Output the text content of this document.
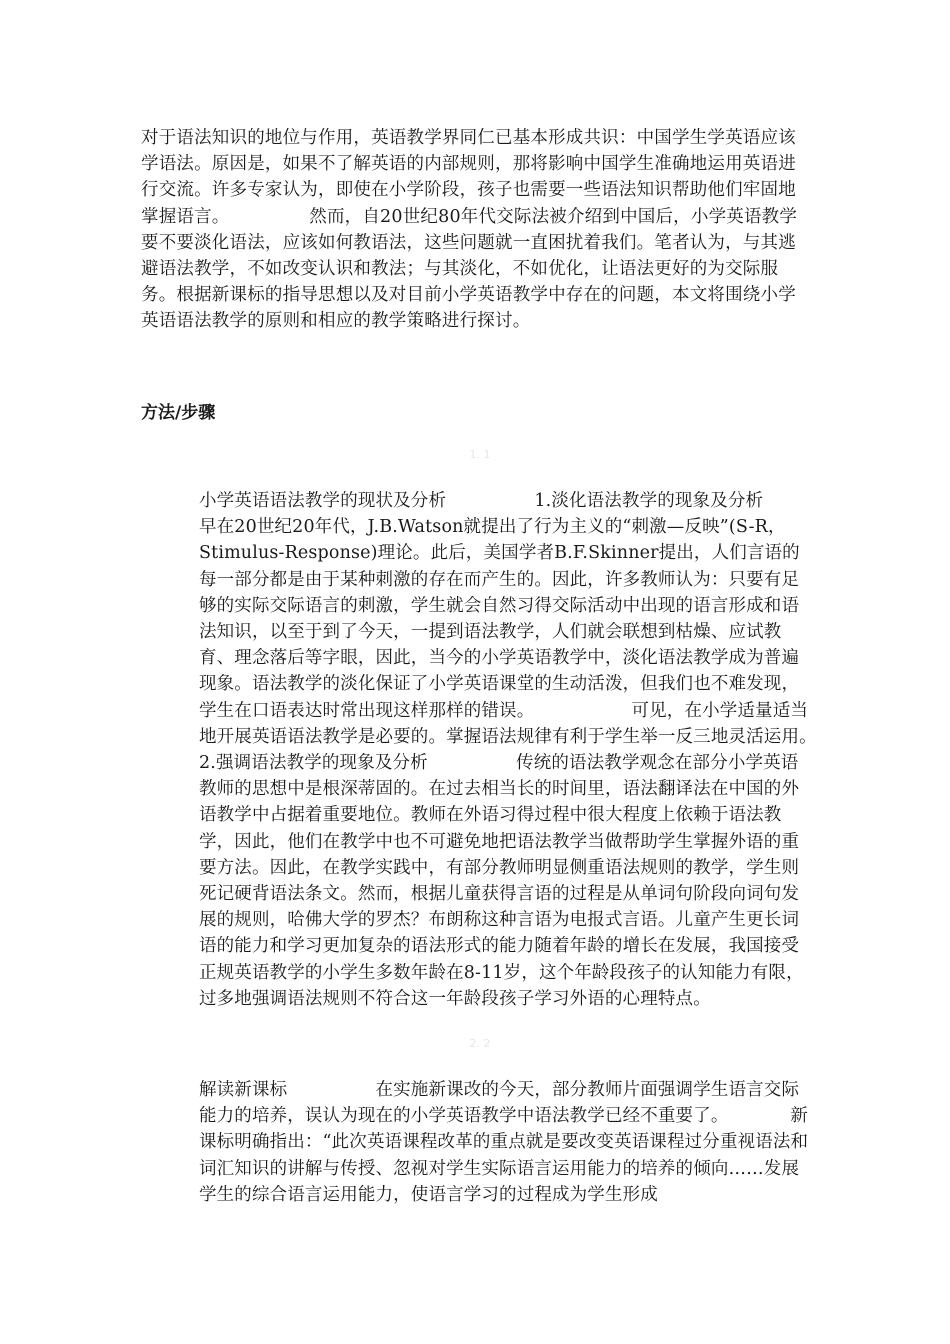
对于语法知识的地位与作用，英语教学界同仁已基本形成共识：中国学生学英语应该学语法。原因是，如果不了解英语的内部规则，那将影响中国学生准确地运用英语进行交流。许多专家认为，即使在小学阶段，孩子也需要一些语法知识帮助他们牢固地掌握语言。　　　　　然而，自20世纪80年代交际法被介绍到中国后，小学英语教学要不要淡化语法，应该如何教语法，这些问题就一直困扰着我们。笔者认为，与其逃避语法教学，不如改变认识和教法；与其淡化，不如优化，让语法更好的为交际服务。根据新课标的指导思想以及对目前小学英语教学中存在的问题，本文将围绕小学英语语法教学的原则和相应的教学策略进行探讨。

方法/步骤
1. 1

小学英语语法教学的现状及分析　　　　　1.淡化语法教学的现象及分析　　　　早在20世纪20年代，J.B.Watson就提出了行为主义的“刺激—反映”(S-R，Stimulus-Response)理论。此后，美国学者B.F.Skinner提出，人们言语的每一部分都是由于某种刺激的存在而产生的。因此，许多教师认为：只要有足够的实际交际语言的刺激，学生就会自然习得交际活动中出现的语言形成和语法知识，以至于到了今天，一提到语法教学，人们就会联想到枯燥、应试教育、理念落后等字眼，因此，当今的小学英语教学中，淡化语法教学成为普遍现象。语法教学的淡化保证了小学英语课堂的生动活泼，但我们也不难发现，学生在口语表达时常出现这样那样的错误。　　　　　　可见，在小学适量适当地开展英语语法教学是必要的。掌握语法规律有利于学生举一反三地灵活运用。　　　　　　2.强调语法教学的现象及分析　　　　　传统的语法教学观念在部分小学英语教师的思想中是根深蒂固的。在过去相当长的时间里，语法翻译法在中国的外语教学中占据着重要地位。教师在外语习得过程中很大程度上依赖于语法教学，因此，他们在教学中也不可避免地把语法教学当做帮助学生掌握外语的重要方法。因此，在教学实践中，有部分教师明显侧重语法规则的教学，学生则死记硬背语法条文。然而，根据儿童获得言语的过程是从单词句阶段向词句发展的规则，哈佛大学的罗杰？布朗称这种言语为电报式言语。儿童产生更长词语的能力和学习更加复杂的语法形式的能力随着年龄的增长在发展，我国接受正规英语教学的小学生多数年龄在8-11岁，这个年龄段孩子的认知能力有限，过多地强调语法规则不符合这一年龄段孩子学习外语的心理特点。

2. 2

解读新课标　　　　　在实施新课改的今天，部分教师片面强调学生语言交际能力的培养，误认为现在的小学英语教学中语法教学已经不重要了。　　　　新课标明确指出：“此次英语课程改革的重点就是要改变英语课程过分重视语法和词汇知识的讲解与传授、忽视对学生实际语言运用能力的培养的倾向……发展学生的综合语言运用能力，使语言学习的过程成为学生形成
